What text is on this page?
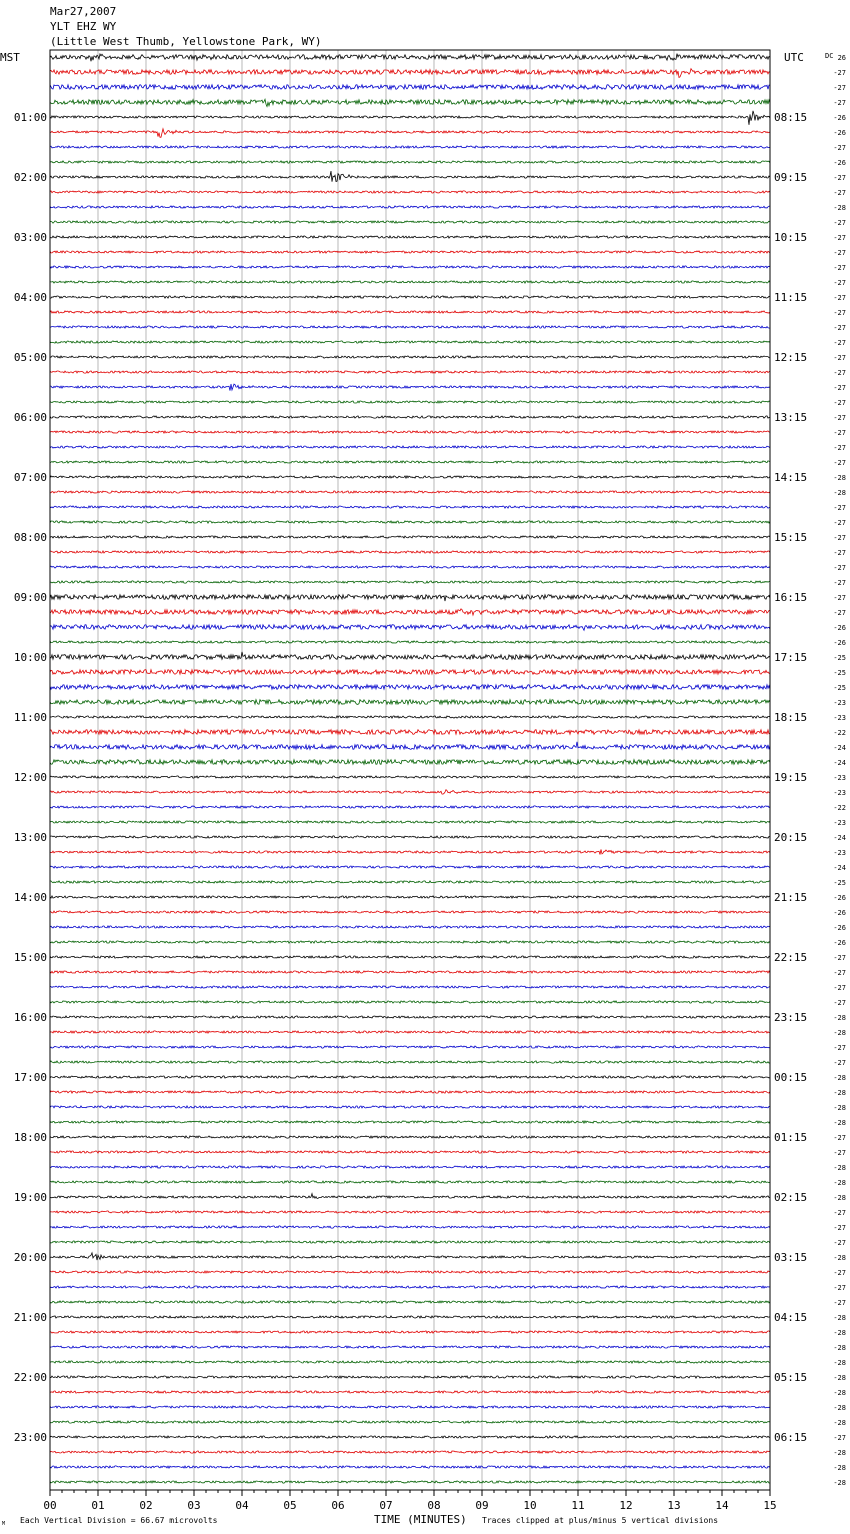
Mar27,2007
YLT EHZ WY
(Little West Thumb, Yellowstone Park, WY)
26
-27
-27
-27
-26
-26
-27
-26
-27
-27
-28
-27
-27
-27
-27
-27
-27
-27
-27
-27
-27
-27
-27
-27
-27
-27
-27
-27
-28
-28
-27
-27
-27
-27
-27
-27
-27
-27
-26
-26
-25
-25
-25
-23
-23
-22
-24
-24
-23
-23
-22
-23
-24
-23
-24
-25
-26
-26
-26
-26
-27
-27
-27
-27
-28
-28
-27
-27
-28
-28
-28
-28
-27
-27
-28
-28
-28
-27
-27
-27
-28
-27
-27
-27
-28
-28
-28
-28
-28
-28
-28
-28
-27
-28
-28
-28
01:00
02:00
03:00
04:00
05:00
06:00
07:00
08:00
09:00
10:00
11:00
12:00
13:00
14:00
15:00
16:00
17:00
18:00
19:00
20:00
21:00
22:00
23:00
08:15
09:15
10:15
11:15
12:15
13:15
14:15
15:15
16:15
17:15
18:15
19:15
20:15
21:15
22:15
23:15
00:15
01:15
02:15
03:15
04:15
05:15
06:15
MST	UTC	DC
00	01	02	03	04	05	06	07	08	09	10	11	12	13	14	15
M Each Vertical Division = 66.67 microvolts	TIME (MINUTES) Traces clipped at plus/minus 5 vertical divisions
